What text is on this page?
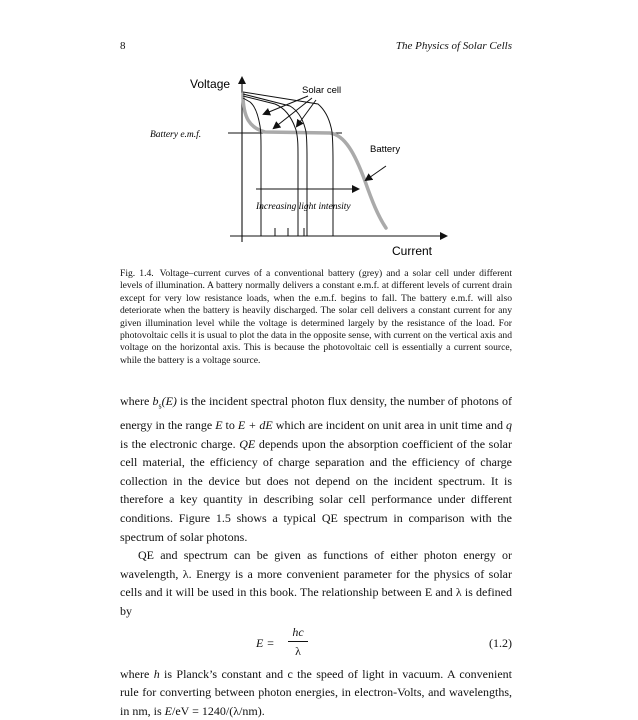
8	The Physics of Solar Cells
Voltage
Current
Solar cell
Battery
Battery e.m.f.
Increasing light intensity
Fig. 1.4. Voltage–current curves of a conventional battery (grey) and a solar cell under different levels of illumination. A battery normally delivers a constant e.m.f. at different levels of current drain except for very low resistance loads, when the e.m.f. begins to fall. The battery e.m.f. will also deteriorate when the battery is heavily discharged. The solar cell delivers a constant current for any given illumination level while the voltage is determined largely by the resistance of the load. For photovoltaic cells it is usual to plot the data in the opposite sense, with current on the vertical axis and voltage on the horizontal axis. This is because the photovoltaic cell is essentially a current source, while the battery is a voltage source.

where $b_s(E)$ is the incident spectral photon flux density, the number of photons of energy in the range E to E + dE which are incident on unit area in unit time and q is the electronic charge. QE depends upon the absorption coefficient of the solar cell material, the efficiency of charge separation and the efficiency of charge collection in the device but does not depend on the incident spectrum. It is therefore a key quantity in describing solar cell performance under different conditions. Figure 1.5 shows a typical QE spectrum in comparison with the spectrum of solar photons.

QE and spectrum can be given as functions of either photon energy or wavelength, λ. Energy is a more convenient parameter for the physics of solar cells and it will be used in this book. The relationship between E and λ is defined by

E =
hc
λ
(1.2)

where h is Planck’s constant and c the speed of light in vacuum. A convenient rule for converting between photon energies, in electron-Volts, and wavelengths, in nm, is E/eV = 1240/(λ/nm).
